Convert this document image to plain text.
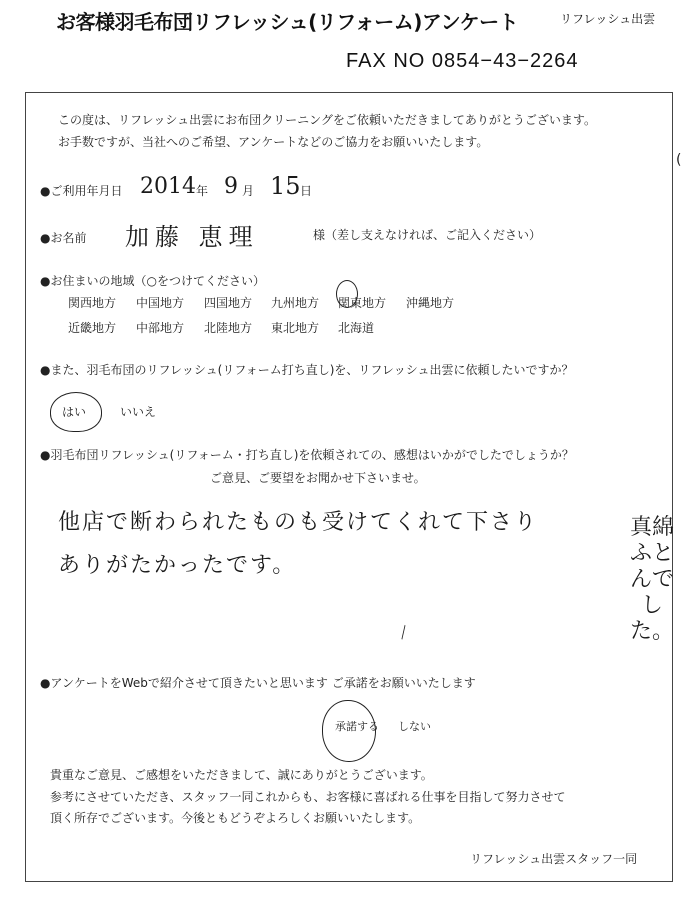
お客様羽毛布団リフレッシュ(リフォーム)アンケート	リフレッシュ出雲
FAX NO 0854−43−2264
この度は、リフレッシュ出雲にお布団クリーニングをご依頼いただきましてありがとうございます。
お手数ですが、当社へのご希望、アンケートなどのご協力をお願いいたします。
(
●ご利用年月日 2014 年 9 月 15 日
●お名前 加藤 恵理	様（差し支えなければ、ご記入ください）
●お住まいの地域（○をつけてください）
関西地方 中国地方 四国地方 九州地方 関東地方 沖縄地方
近畿地方 中部地方 北陸地方 東北地方 北海道
●また、羽毛布団のリフレッシュ(リフォーム打ち直し)を、リフレッシュ出雲に依頼したいですか？
はい	いいえ
●羽毛布団リフレッシュ(リフォーム・打ち直し)を依頼されての、感想はいかがでしたでしょうか？
ご意見、ご要望をお聞かせ下さいませ。
他店で断わられたものも受けてくれて下さり
ありがたかったです。
╲
真綿ふとんでした。
●アンケートをWebで紹介させて頂きたいと思います ご承諾をお願いいたします
承諾する しない
貴重なご意見、ご感想をいただきまして、誠にありがとうございます。
参考にさせていただき、スタッフ一同これからも、お客様に喜ばれる仕事を目指して努力させて
頂く所存でございます。今後ともどうぞよろしくお願いいたします。
リフレッシュ出雲スタッフ一同
